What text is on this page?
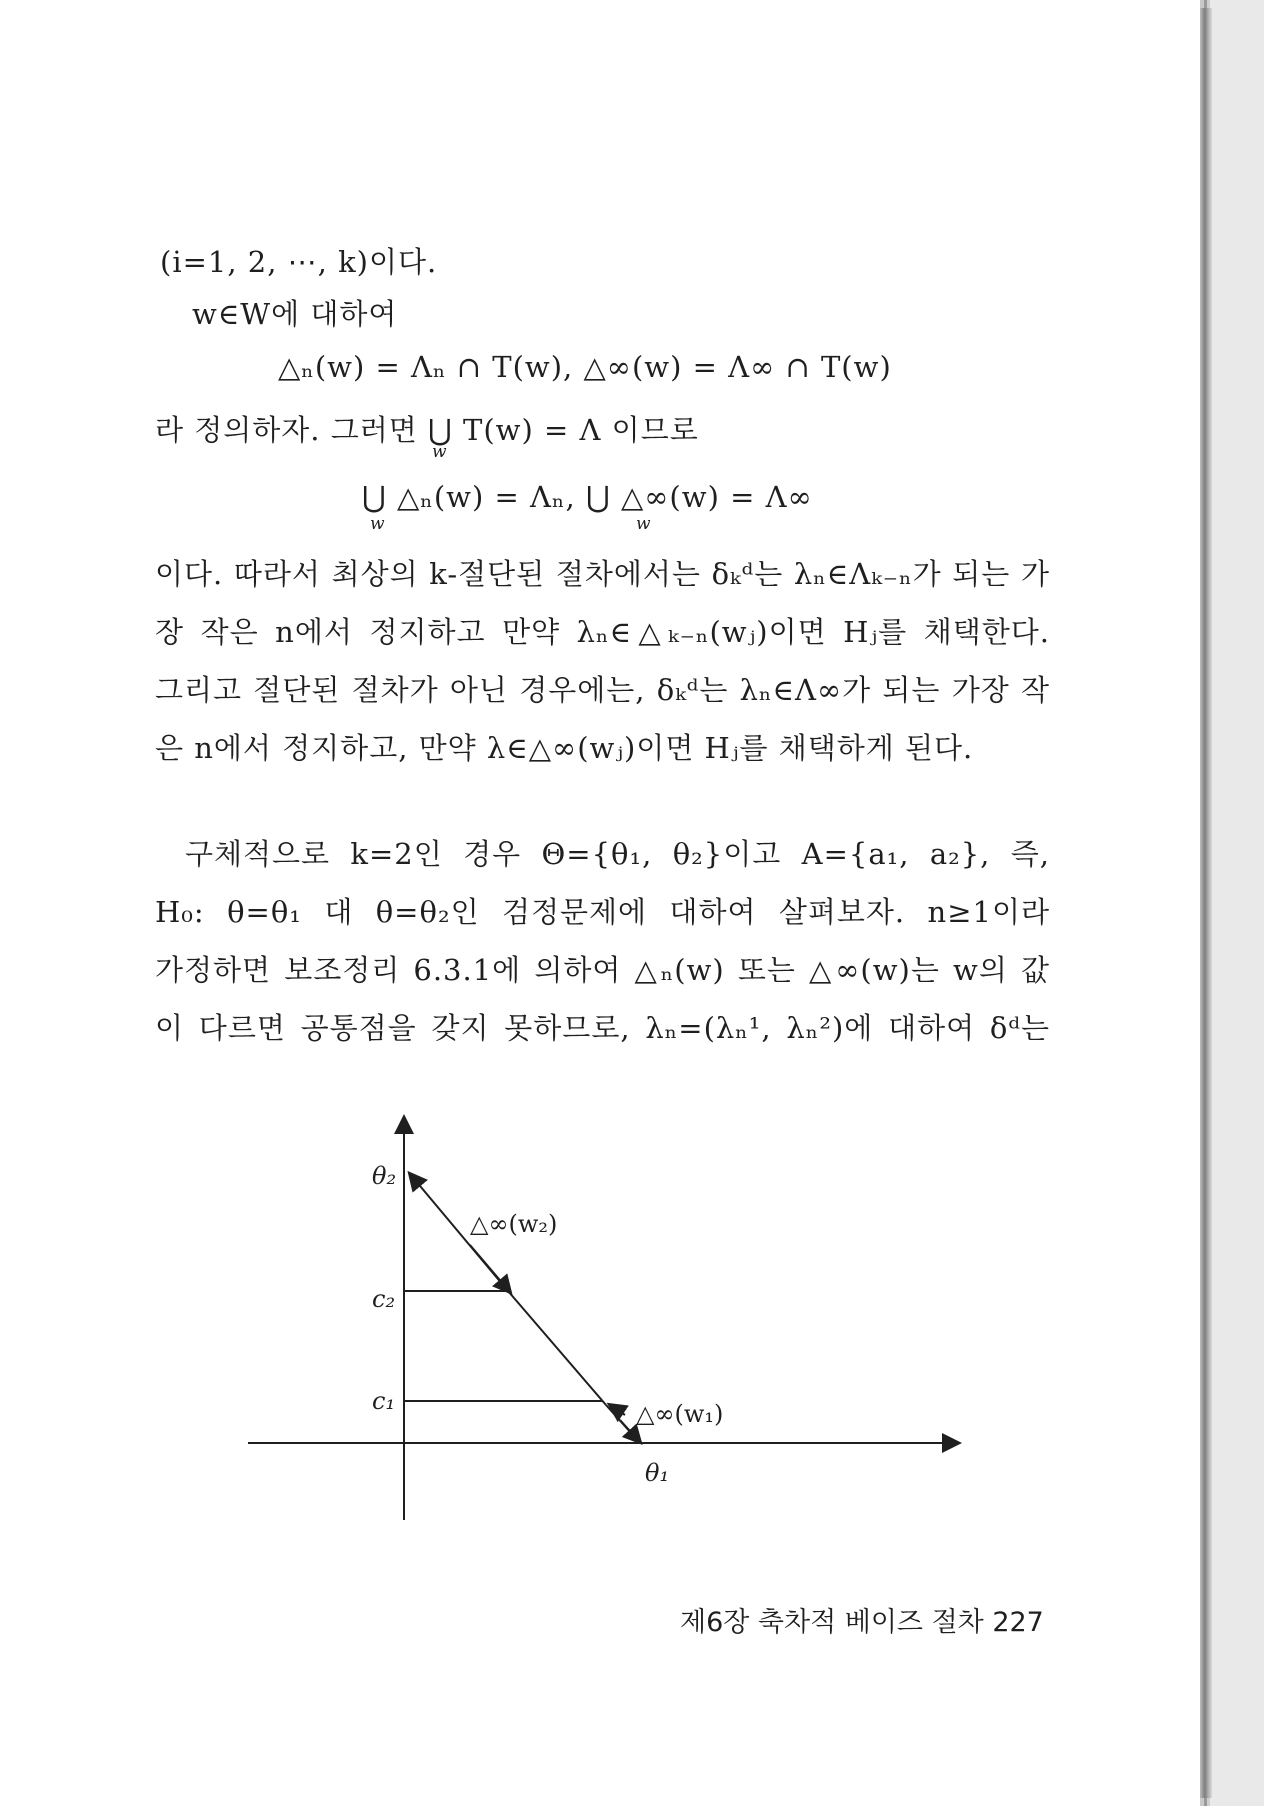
(i=1, 2, ⋯, k)이다.
w∈W에 대하여
△ₙ(w) = Λₙ ∩ T(w), △∞(w) = Λ∞ ∩ T(w)
라 정의하자. 그러면 ⋃ T(w) = Λ 이므로
w
⋃ △ₙ(w) = Λₙ, ⋃ △∞(w) = Λ∞
w	w
이다. 따라서 최상의 k-절단된 절차에서는 δₖᵈ는 λₙ∈Λₖ₋ₙ가 되는 가
장 작은 n에서 정지하고 만약 λₙ∈△ₖ₋ₙ(wⱼ)이면 Hⱼ를 채택한다.
그리고 절단된 절차가 아닌 경우에는, δₖᵈ는 λₙ∈Λ∞가 되는 가장 작
은 n에서 정지하고, 만약 λ∈△∞(wⱼ)이면 Hⱼ를 채택하게 된다.
구체적으로 k=2인 경우 Θ={θ₁, θ₂}이고 A={a₁, a₂}, 즉,
H₀: θ=θ₁ 대 θ=θ₂인 검정문제에 대하여 살펴보자. n≥1이라
가정하면 보조정리 6.3.1에 의하여 △ₙ(w) 또는 △∞(w)는 w의 값
이 다르면 공통점을 갖지 못하므로, λₙ=(λₙ¹, λₙ²)에 대하여 δᵈ는
θ₂
c₂
c₁
θ₁
△∞(w₂)
△∞(w₁)
제6장 축차적 베이즈 절차 227
